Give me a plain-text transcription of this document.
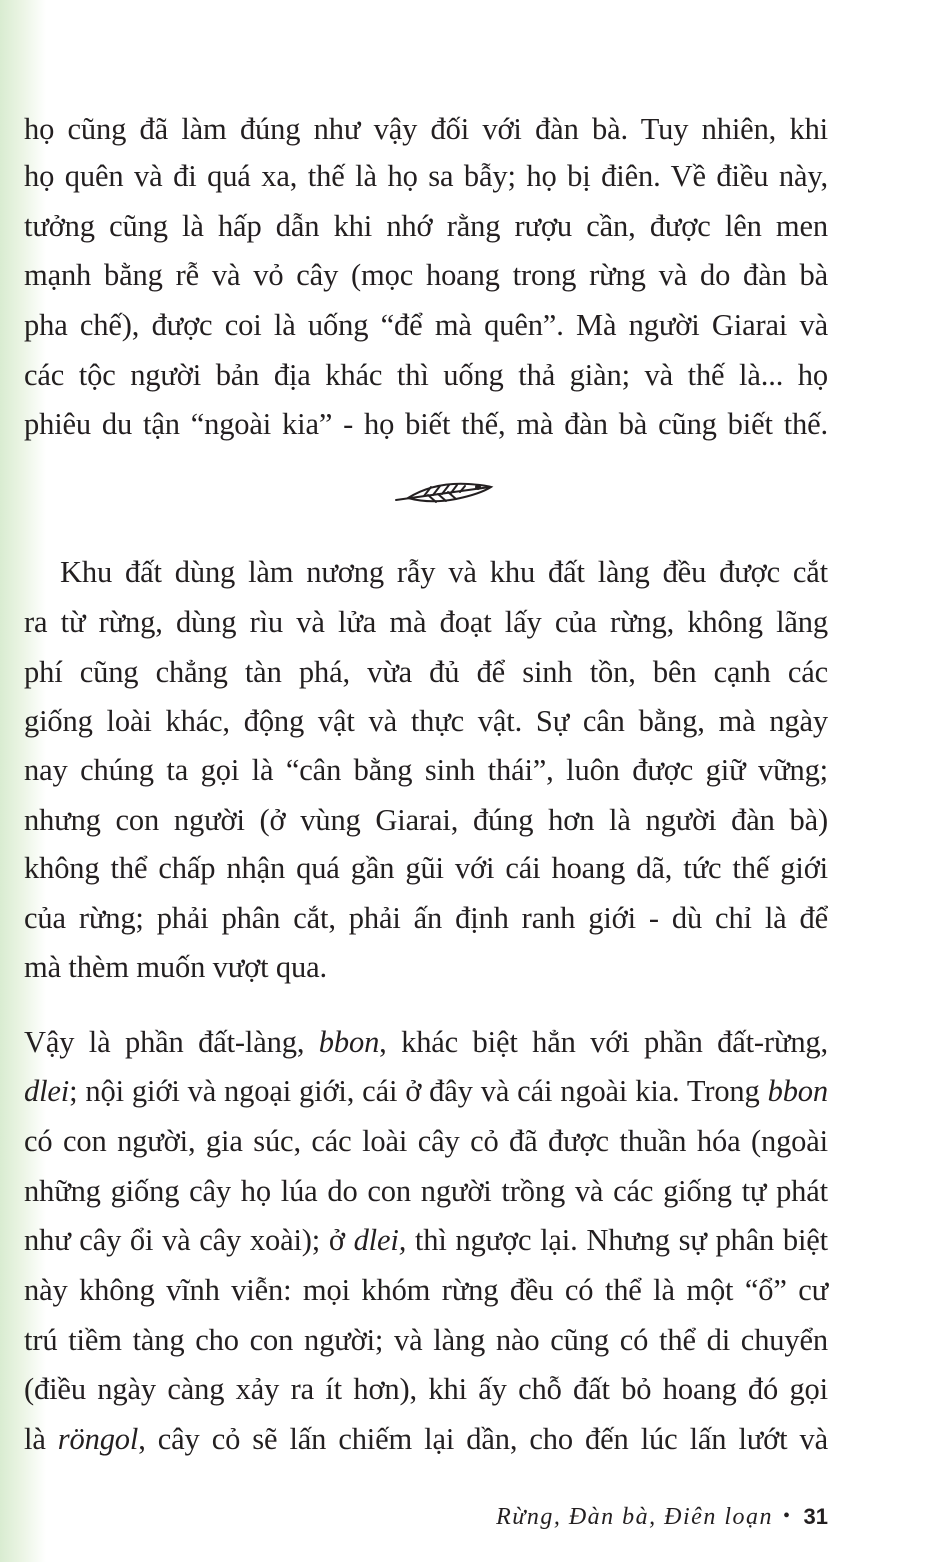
họ cũng đã làm đúng như vậy đối với đàn bà. Tuy nhiên, khi
họ quên và đi quá xa, thế là họ sa bẫy; họ bị điên. Về điều này,
tưởng cũng là hấp dẫn khi nhớ rằng rượu cần, được lên men
mạnh bằng rễ và vỏ cây (mọc hoang trong rừng và do đàn bà
pha chế), được coi là uống “để mà quên”. Mà người Giarai và
các tộc người bản địa khác thì uống thả giàn; và thế là... họ
phiêu du tận “ngoài kia” - họ biết thế, mà đàn bà cũng biết thế.
Khu đất dùng làm nương rẫy và khu đất làng đều được cắt
ra từ rừng, dùng rìu và lửa mà đoạt lấy của rừng, không lãng
phí cũng chẳng tàn phá, vừa đủ để sinh tồn, bên cạnh các
giống loài khác, động vật và thực vật. Sự cân bằng, mà ngày
nay chúng ta gọi là “cân bằng sinh thái”, luôn được giữ vững;
nhưng con người (ở vùng Giarai, đúng hơn là người đàn bà)
không thể chấp nhận quá gần gũi với cái hoang dã, tức thế giới
của rừng; phải phân cắt, phải ấn định ranh giới - dù chỉ là để
mà thèm muốn vượt qua.
Vậy là phần đất-làng, bbon, khác biệt hẳn với phần đất-rừng,
dlei; nội giới và ngoại giới, cái ở đây và cái ngoài kia. Trong bbon
có con người, gia súc, các loài cây cỏ đã được thuần hóa (ngoài
những giống cây họ lúa do con người trồng và các giống tự phát
như cây ổi và cây xoài); ở dlei, thì ngược lại. Nhưng sự phân biệt
này không vĩnh viễn: mọi khóm rừng đều có thể là một “ổ” cư
trú tiềm tàng cho con người; và làng nào cũng có thể di chuyển
(điều ngày càng xảy ra ít hơn), khi ấy chỗ đất bỏ hoang đó gọi
là röngol, cây cỏ sẽ lấn chiếm lại dần, cho đến lúc lấn lướt và
Rừng, Đàn bà, Điên loạn • 31
